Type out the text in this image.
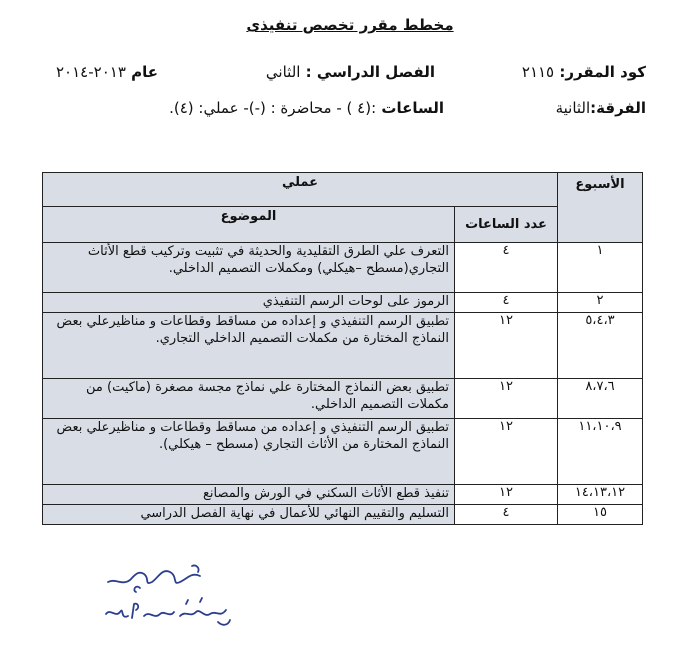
مخطط مقرر تخصص تنفيذى
كود المقرر: ٢١١٥
الفصل الدراسي : الثاني
عام ٢٠١٣-٢٠١٤
الفرقة:الثانية
الساعات :(٤ ) - محاضرة : (-)- عملي: (٤).
الأسبوع	عملي	
	عدد الساعات	الموضوع
١	٤	التعرف علي الطرق التقليدية والحديثة في تثبيت وتركيب قطع الأثاث التجاري(مسطح –هيكلي) ومكملات التصميم الداخلي.
٢	٤	الرموز على لوحات الرسم التنفيذي
٥،٤،٣	١٢	تطبيق الرسم التنفيذي و إعداده من مساقط وقطاعات و مناظيرعلي بعض النماذج المختارة من مكملات التصميم الداخلي التجاري.
٨،٧،٦	١٢	تطبيق بعض النماذج المختارة علي نماذج مجسة مصغرة (ماكيت) من مكملات التصميم الداخلي.
١١،١٠،٩	١٢	تطبيق الرسم التنفيذي و إعداده من مساقط وقطاعات و مناظيرعلي بعض النماذج المختارة من الأثاث التجاري (مسطح – هيكلي).
١٤،١٣،١٢	١٢	تنفيذ قطع الأثاث السكني في الورش والمصانع
١٥	٤	التسليم والتقييم النهائي للأعمال في نهاية الفصل الدراسي
